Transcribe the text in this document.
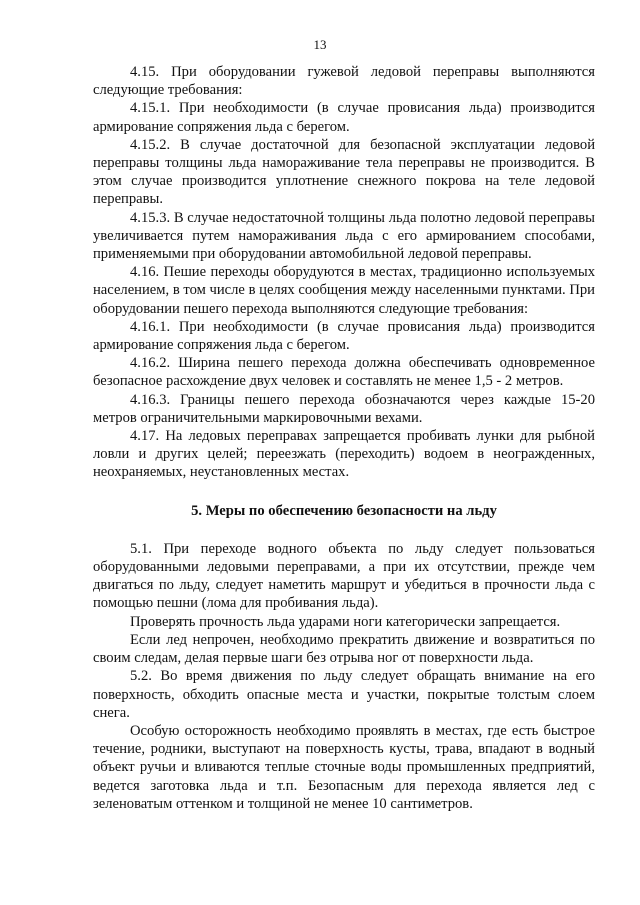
13

4.15. При оборудовании гужевой ледовой переправы выполняются следующие требования:

4.15.1. При необходимости (в случае провисания льда) производится армирование сопряжения льда с берегом.

4.15.2. В случае достаточной для безопасной эксплуатации ледовой переправы толщины льда намораживание тела переправы не производится. В этом случае производится уплотнение снежного покрова на теле ледовой переправы.

4.15.3. В случае недостаточной толщины льда полотно ледовой переправы увеличивается путем намораживания льда с его армированием способами, применяемыми при оборудовании автомобильной ледовой переправы.

4.16. Пешие переходы оборудуются в местах, традиционно используемых населением, в том числе в целях сообщения между населенными пунктами. При оборудовании пешего перехода выполняются следующие требования:

4.16.1. При необходимости (в случае провисания льда) производится армирование сопряжения льда с берегом.

4.16.2. Ширина пешего перехода должна обеспечивать одновременное безопасное расхождение двух человек и составлять не менее 1,5 - 2 метров.

4.16.3. Границы пешего перехода обозначаются через каждые 15-20 метров ограничительными маркировочными вехами.

4.17. На ледовых переправах запрещается пробивать лунки для рыбной ловли и других целей; переезжать (переходить) водоем в неогражденных, неохраняемых, неустановленных местах.

5. Меры по обеспечению безопасности на льду

5.1. При переходе водного объекта по льду следует пользоваться оборудованными ледовыми переправами, а при их отсутствии, прежде чем двигаться по льду, следует наметить маршрут и убедиться в прочности льда с помощью пешни (лома для пробивания льда).

Проверять прочность льда ударами ноги категорически запрещается.

Если лед непрочен, необходимо прекратить движение и возвратиться по своим следам, делая первые шаги без отрыва ног от поверхности льда.

5.2. Во время движения по льду следует обращать внимание на его поверхность, обходить опасные места и участки, покрытые толстым слоем снега.

Особую осторожность необходимо проявлять в местах, где есть быстрое течение, родники, выступают на поверхность кусты, трава, впадают в водный объект ручьи и вливаются теплые сточные воды промышленных предприятий, ведется заготовка льда и т.п. Безопасным для перехода является лед с зеленоватым оттенком и толщиной не менее 10 сантиметров.
